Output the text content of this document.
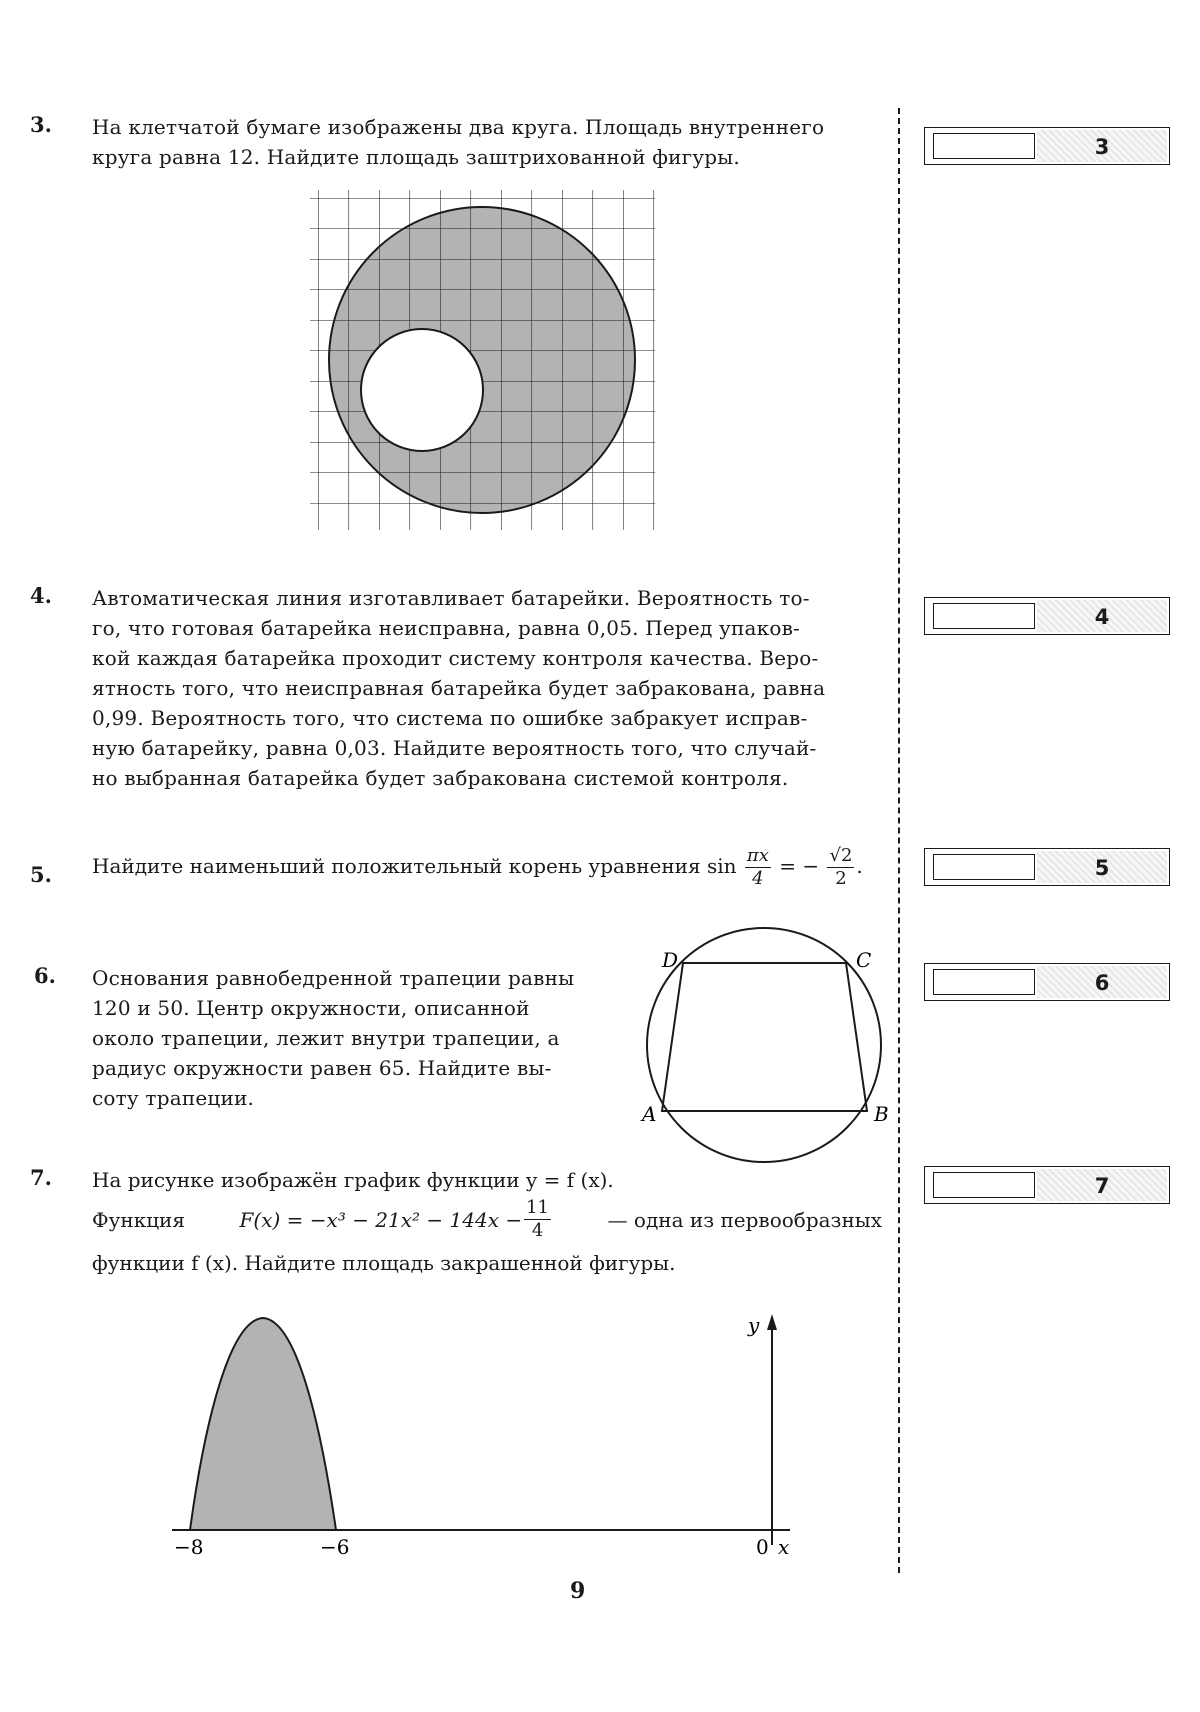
3. На клетчатой бумаге изображены два круга. Площадь внутреннего

круга равна 12. Найдите площадь заштрихованной фигуры.

4. Автоматическая линия изготавливает батарейки. Вероятность то-

го, что готовая батарейка неисправна, равна 0,05. Перед упаков-

кой каждая батарейка проходит систему контроля качества. Веро-

ятность того, что неисправная батарейка будет забракована, равна

0,99. Вероятность того, что система по ошибке забракует исправ-

ную батарейку, равна 0,03. Найдите вероятность того, что случай-

но выбранная батарейка будет забракована системой контроля.

5. Найдите наименьший положительный корень уравнения $\sin \frac{\pi x}{4}$ = − $\frac{√2}{2}$ .
6. Основания равнобедренной трапеции равны

120 и 50. Центр окружности, описанной

около трапеции, лежит внутри трапеции, а

радиус окружности равен 65. Найдите вы-

соту трапеции.

D	C
A	B
7. На рисунке изображён график функции y = f (x).
Функция	$F(x) = -x^3 - 21x^2 - 144x - \frac{11}{4}$	— одна из первообразных
функции f (x). Найдите площадь закрашенной фигуры.
y
x
0
−8	−6
3
4
5
6
7
9
